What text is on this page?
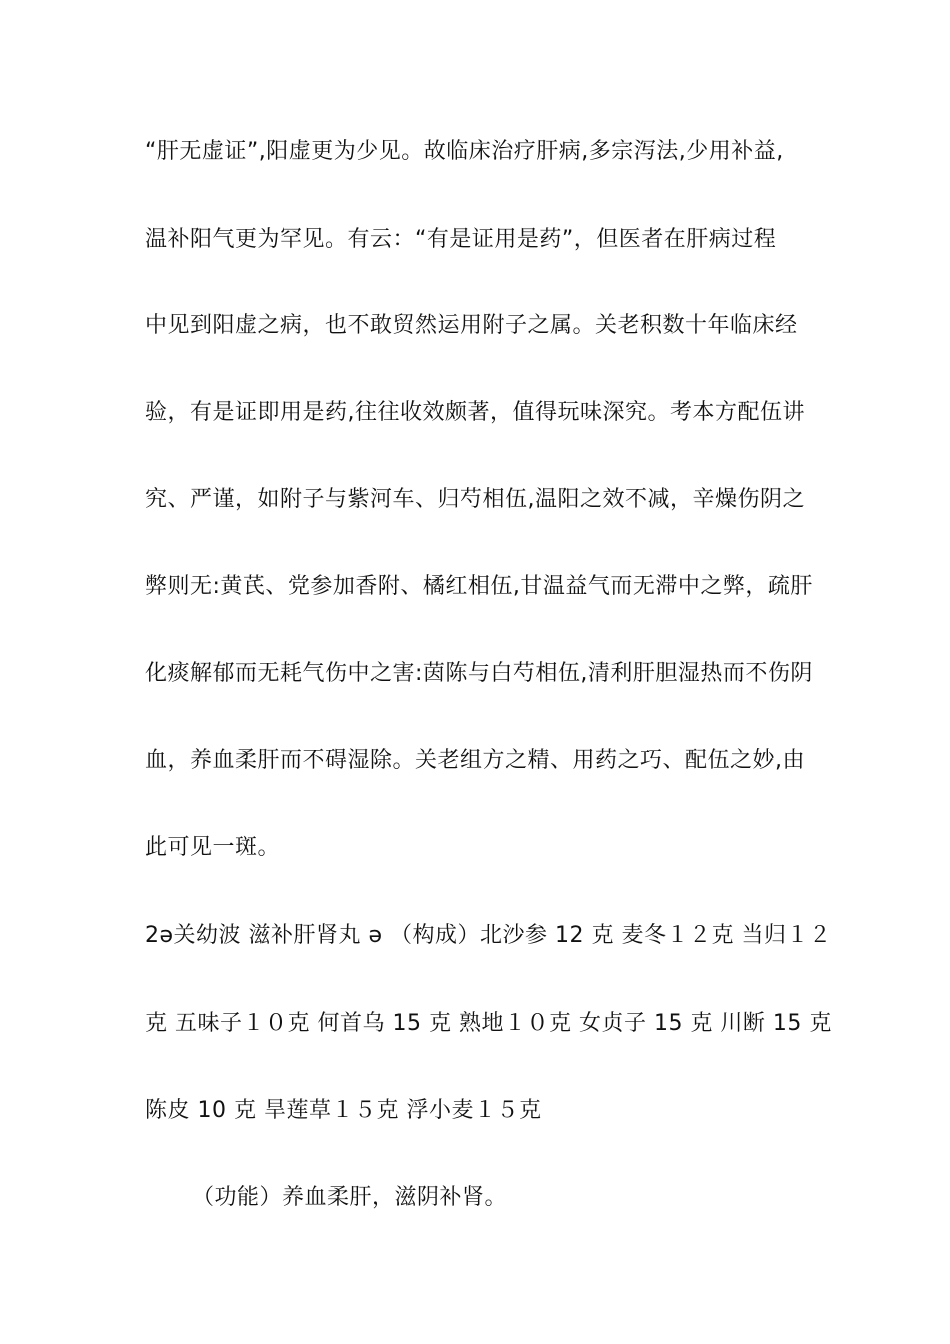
“肝无虚证”,阳虚更为少见。故临床治疗肝病,多宗泻法,少用补益,
温补阳气更为罕见。有云：“有是证用是药”，但医者在肝病过程
中见到阳虚之病，也不敢贸然运用附子之属。关老积数十年临床经
验，有是证即用是药,往往收效颇著，值得玩味深究。考本方配伍讲
究、严谨，如附子与紫河车、归芍相伍,温阳之效不减，辛燥伤阴之
弊则无:黄芪、党参加香附、橘红相伍,甘温益气而无滞中之弊，疏肝
化痰解郁而无耗气伤中之害:茵陈与白芍相伍,清利肝胆湿热而不伤阴
血，养血柔肝而不碍湿除。关老组方之精、用药之巧、配伍之妙,由
此可见一斑。
2ə关幼波 滋补肝肾丸 ə （构成）北沙参 12 克 麦冬１２克 当归１２
克 五味子１０克 何首乌 15 克 熟地１０克 女贞子 15 克 川断 15 克
陈皮 10 克 旱莲草１５克 浮小麦１５克
（功能）养血柔肝，滋阴补肾。
